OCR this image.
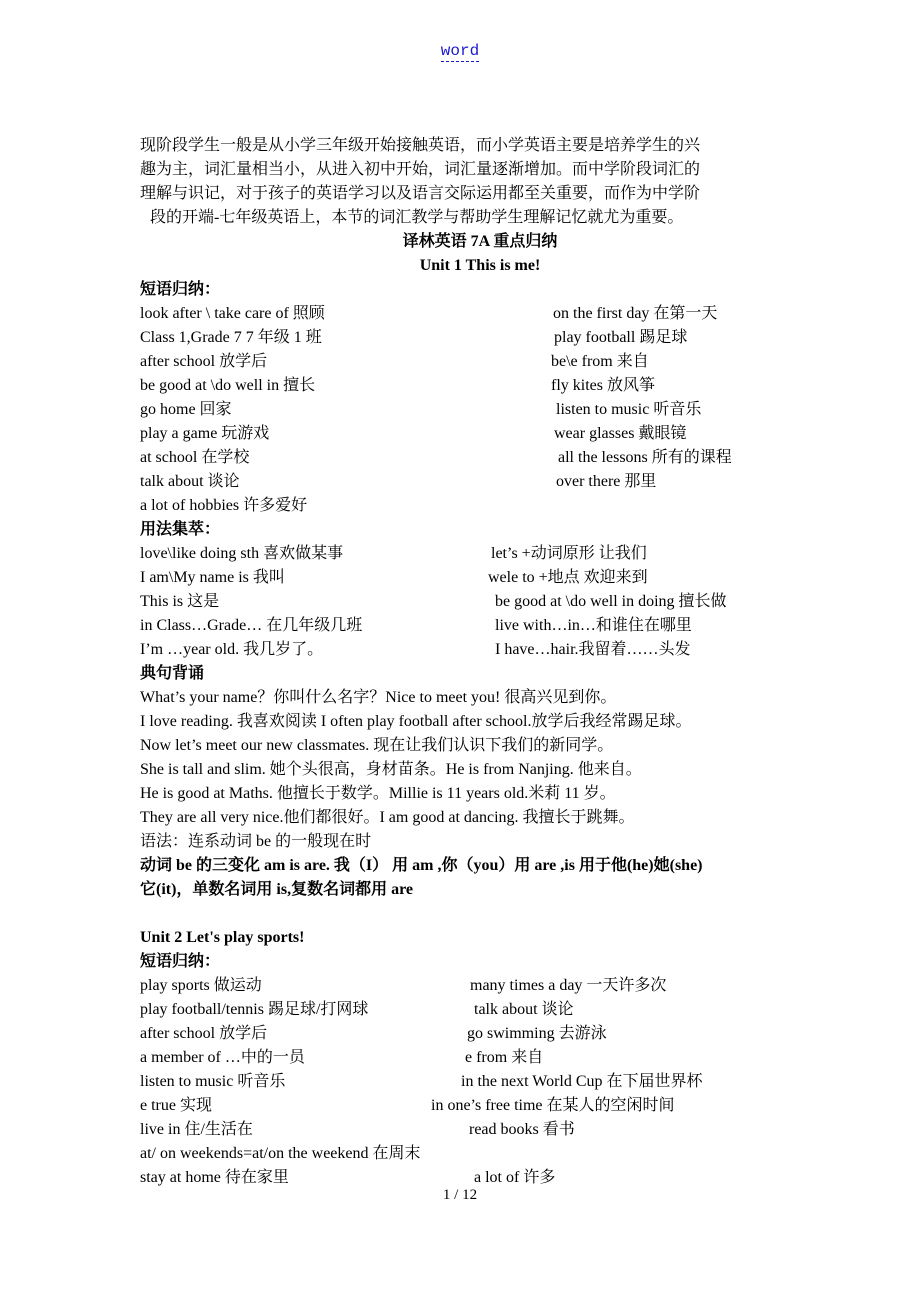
word
现阶段学生一般是从小学三年级开始接触英语，而小学英语主要是培养学生的兴
趣为主，词汇量相当小，从进入初中开始，词汇量逐渐增加。而中学阶段词汇的
理解与识记，对于孩子的英语学习以及语言交际运用都至关重要，而作为中学阶
段的开端-七年级英语上，本节的词汇教学与帮助学生理解记忆就尤为重要。
译林英语 7A 重点归纳
Unit 1 This is me!
短语归纳：
look after \ take care of 照顾	on the first day 在第一天
Class 1,Grade 7 7 年级 1 班	play football 踢足球
after school 放学后	be\e from 来自
be good at \do well in 擅长	fly kites 放风筝
go home 回家	listen to music 听音乐
play a game 玩游戏	wear glasses 戴眼镜
at school 在学校	all the lessons 所有的课程
talk about 谈论	over there 那里
a lot of hobbies 许多爱好
用法集萃：
love\like doing sth 喜欢做某事	let’s +动词原形 让我们
I am\My name is 我叫	wele to +地点 欢迎来到
This is 这是	be good at \do well in doing 擅长做
in Class…Grade… 在几年级几班	live with…in…和谁住在哪里
I’m …year old. 我几岁了。	I have…hair.我留着……头发
典句背诵
What’s your name？你叫什么名字？Nice to meet you! 很高兴见到你。
I love reading. 我喜欢阅读 I often play football after school.放学后我经常踢足球。
Now let’s meet our new classmates. 现在让我们认识下我们的新同学。
She is tall and slim. 她个头很高，身材苗条。He is from Nanjing. 他来自。
He is good at Maths. 他擅长于数学。Millie is 11 years old.米莉 11 岁。
They are all very nice.他们都很好。I am good at dancing. 我擅长于跳舞。
语法：连系动词 be 的一般现在时
动词 be 的三变化 am is are. 我（I） 用 am ,你（you）用 are ,is 用于他(he)她(she)
它(it)，单数名词用 is,复数名词都用 are
Unit 2 Let's play sports!
短语归纳：
play sports 做运动	many times a day 一天许多次
play football/tennis 踢足球/打网球	talk about 谈论
after school 放学后	go swimming 去游泳
a member of …中的一员	e from 来自
listen to music 听音乐	in the next World Cup 在下届世界杯
e true 实现	in one’s free time 在某人的空闲时间
live in 住/生活在	read books 看书
at/ on weekends=at/on the weekend 在周末
stay at home 待在家里	a lot of 许多
1 / 12
